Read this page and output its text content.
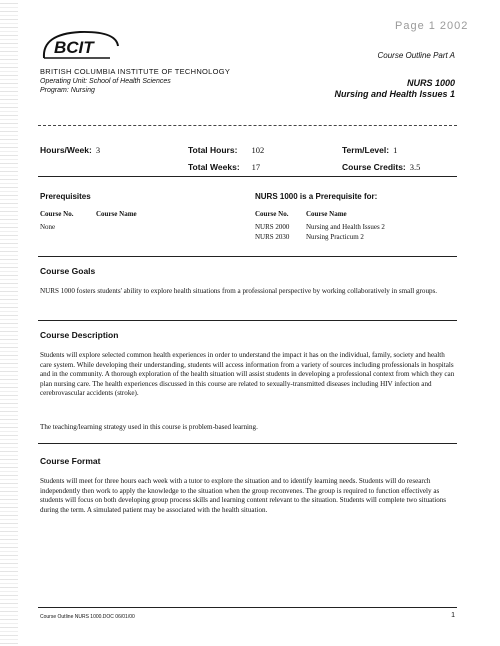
Page 1 2002
BCIT
BRITISH COLUMBIA INSTITUTE OF TECHNOLOGY
Operating Unit: School of Health Sciences
Program: Nursing
Course Outline Part A
NURS 1000
Nursing and Health Issues 1
Hours/Week: 3	Total Hours: 102	Term/Level: 1
Total Weeks: 17	Course Credits: 3.5
Prerequisites
Course No.	Course Name
None
NURS 1000 is a Prerequisite for:
Course No.	Course Name
NURS 2000 Nursing and Health Issues 2
NURS 2030 Nursing Practicum 2
Course Goals
NURS 1000 fosters students' ability to explore health situations from a professional perspective by working collaboratively in small groups.
Course Description
Students will explore selected common health experiences in order to understand the impact it has on the individual, family, society and health care system. While developing their understanding, students will access information from a variety of sources including professionals in hospitals and in the community. A thorough exploration of the health situation will assist students in developing a professional context from which they can plan nursing care. The health experiences discussed in this course are related to sexually-transmitted diseases including HIV infection and cerebrovascular accidents (stroke).
The teaching/learning strategy used in this course is problem-based learning.
Course Format
Students will meet for three hours each week with a tutor to explore the situation and to identify learning needs. Students will do research independently then work to apply the knowledge to the situation when the group reconvenes. The group is required to function effectively as students will focus on both developing group process skills and learning content relevant to the situation. Students will complete two situations during the term. A simulated patient may be associated with the health situation.
Course Outline NURS 1000.DOC 06/01/00	1
